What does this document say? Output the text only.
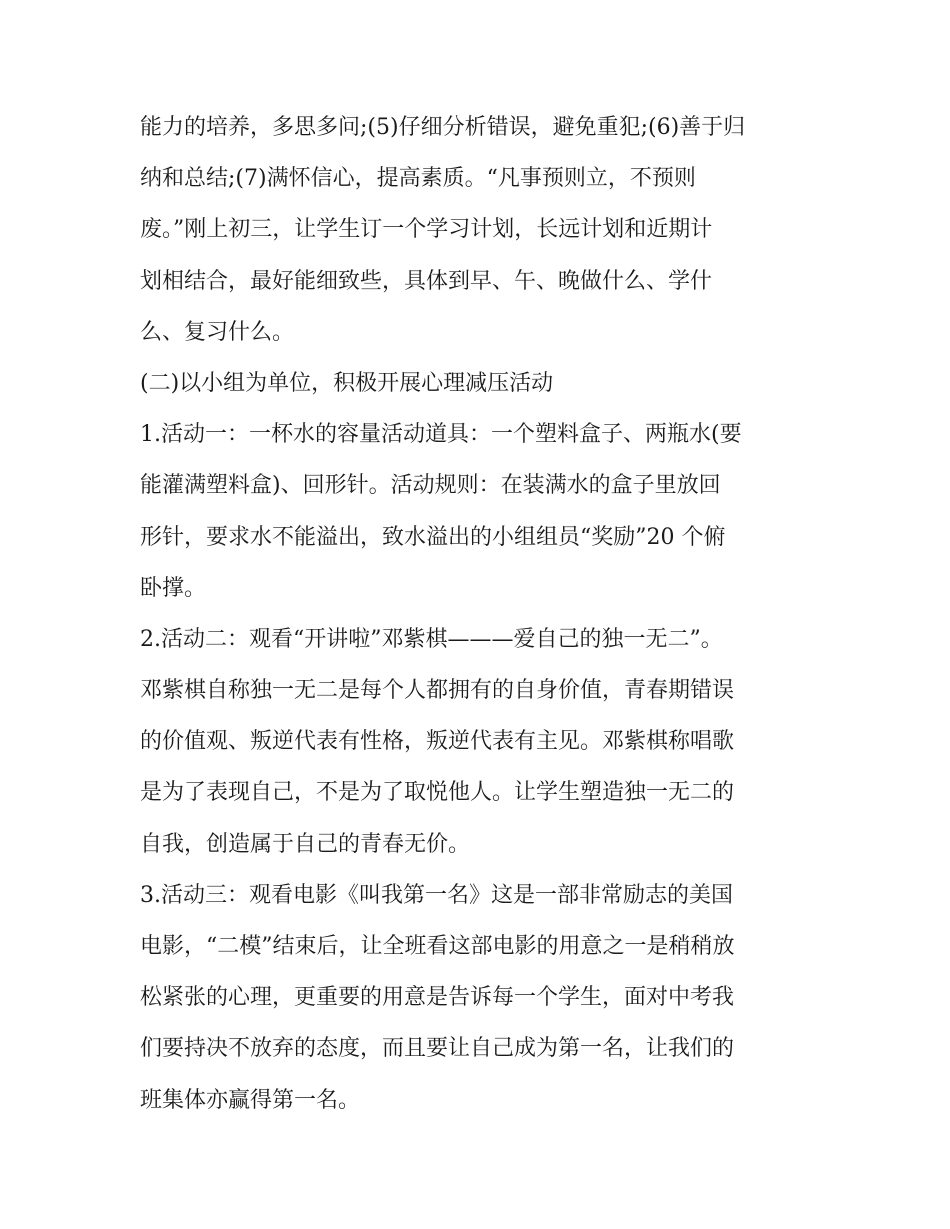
能力的培养，多思多问;(5)仔细分析错误，避免重犯;(6)善于归
纳和总结;(7)满怀信心，提高素质。“凡事预则立，不预则
废。”刚上初三，让学生订一个学习计划，长远计划和近期计
划相结合，最好能细致些，具体到早、午、晚做什么、学什
么、复习什么。
(二)以小组为单位，积极开展心理减压活动
1.活动一：一杯水的容量活动道具：一个塑料盒子、两瓶水(要
能灌满塑料盒)、回形针。活动规则：在装满水的盒子里放回
形针，要求水不能溢出，致水溢出的小组组员“奖励”20 个俯
卧撑。
2.活动二：观看“开讲啦”邓紫棋———爱自己的独一无二”。
邓紫棋自称独一无二是每个人都拥有的自身价值，青春期错误
的价值观、叛逆代表有性格，叛逆代表有主见。邓紫棋称唱歌
是为了表现自己，不是为了取悦他人。让学生塑造独一无二的
自我，创造属于自己的青春无价。
3.活动三：观看电影《叫我第一名》这是一部非常励志的美国
电影，“二模”结束后，让全班看这部电影的用意之一是稍稍放
松紧张的心理，更重要的用意是告诉每一个学生，面对中考我
们要持决不放弃的态度，而且要让自己成为第一名，让我们的
班集体亦赢得第一名。
